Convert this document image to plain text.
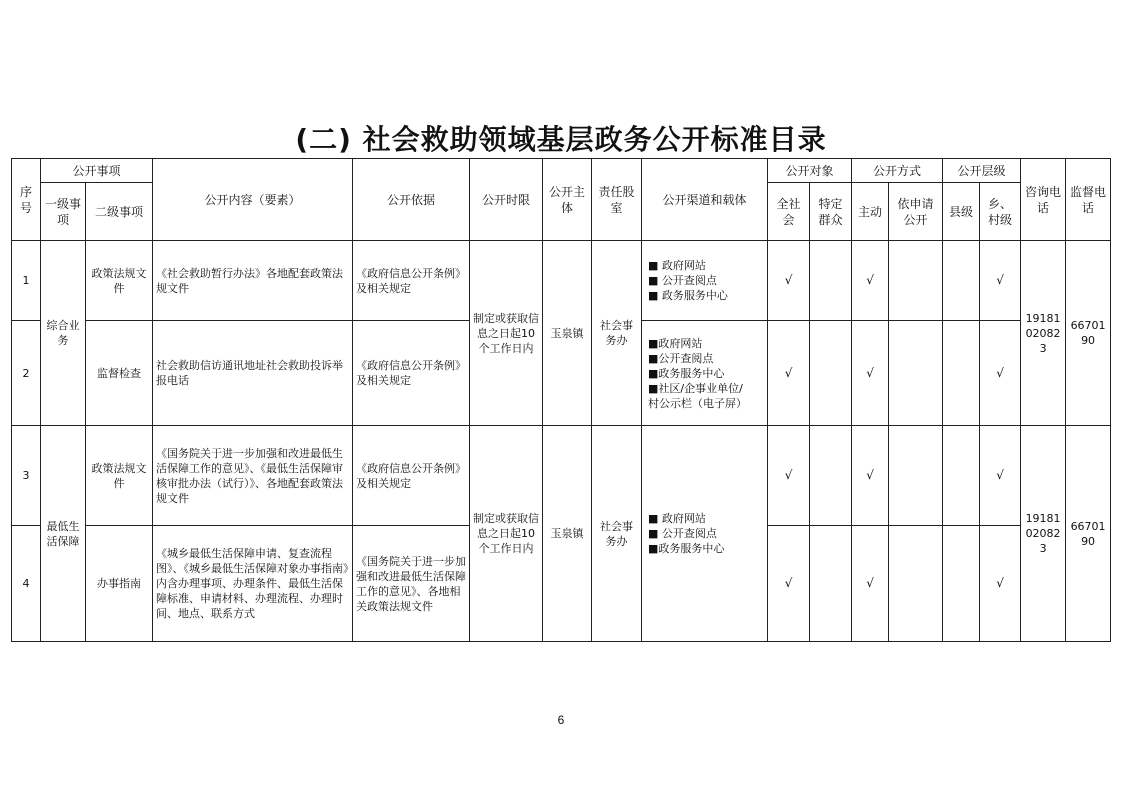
(二) 社会救助领域基层政务公开标准目录
序号	公开事项		公开内容（要素）	公开依据	公开时限	公开主体	责任股室	公开渠道和载体	公开对象		公开方式		公开层级		咨询电话	监督电话
	一级事项	二级事项							全社会	特定群众	主动	依申请公开	县级	乡、村级		
1	综合业务	政策法规文件	《社会救助暂行办法》各地配套政策法规文件	《政府信息公开条例》及相关规定	制定或获取信息之日起10个工作日内	玉泉镇	社会事务办	■ 政府网站
■ 公开查阅点
■ 政务服务中心	√		√			√	19181020823	6670190
2		监督检查	社会救助信访通讯地址社会救助投诉举报电话	《政府信息公开条例》及相关规定				■政府网站
■公开查阅点
■政务服务中心
■社区/企事业单位/
村公示栏（电子屏）	√		√			√		
3	最低生活保障	政策法规文件	《国务院关于进一步加强和改进最低生活保障工作的意见》、《最低生活保障审核审批办法（试行）》、各地配套政策法规文件	《政府信息公开条例》及相关规定	制定或获取信息之日起10个工作日内	玉泉镇	社会事务办	■ 政府网站
■ 公开查阅点
■政务服务中心	√		√			√	19181020823	6670190
4		办事指南	《城乡最低生活保障申请、复查流程图》、《城乡最低生活保障对象办事指南》内含办理事项、办理条件、最低生活保障标准、申请材料、办理流程、办理时间、地点、联系方式	《国务院关于进一步加强和改进最低生活保障工作的意见》、各地相关政策法规文件					√		√			√		
6
